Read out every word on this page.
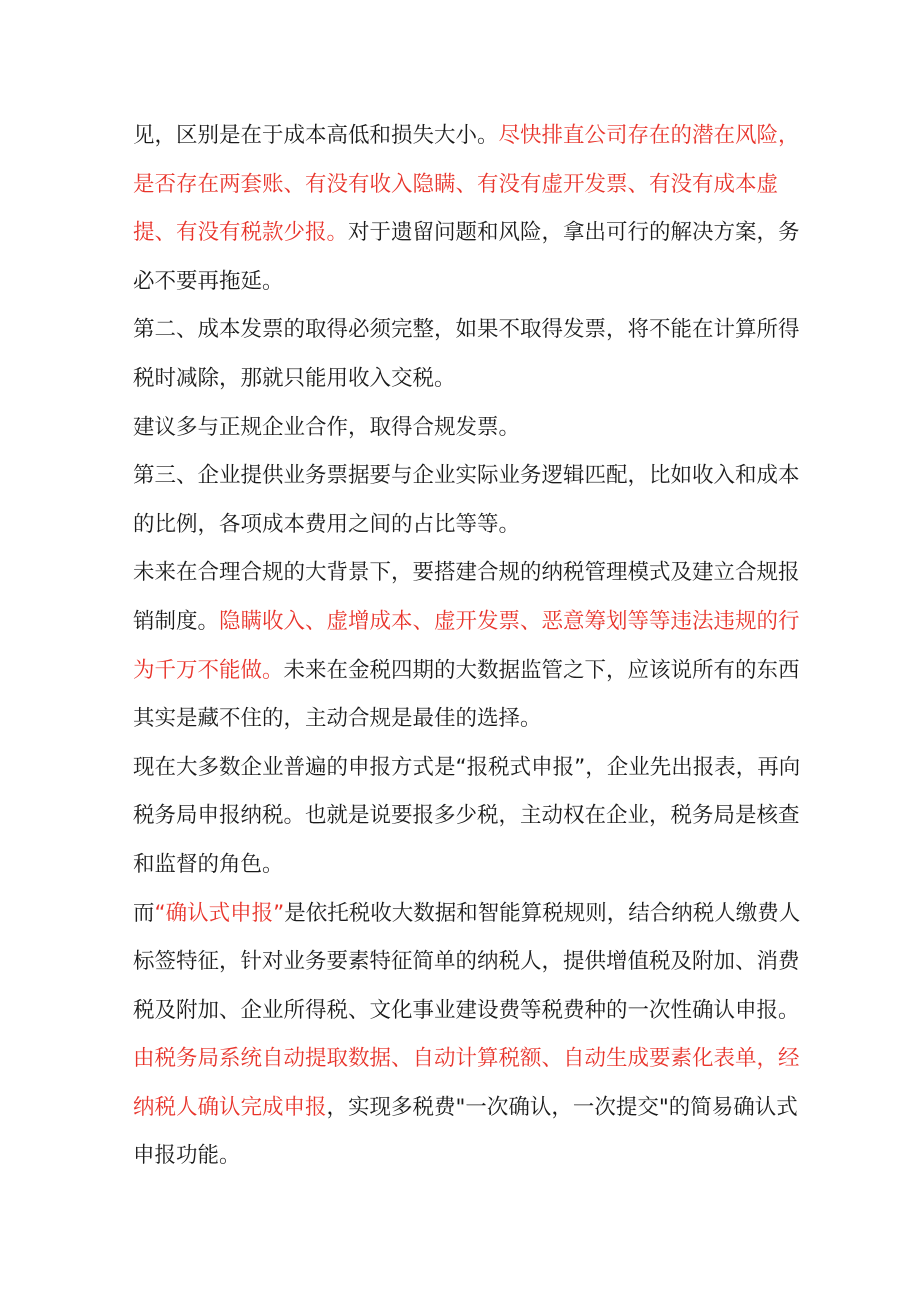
见，区别是在于成本高低和损失大小。尽快排直公司存在的潜在风险，是否存在两套账、有没有收入隐瞒、有没有虚开发票、有没有成本虚提、有没有税款少报。对于遗留问题和风险，拿出可行的解决方案，务必不要再拖延。

第二、成本发票的取得必须完整，如果不取得发票，将不能在计算所得税时减除，那就只能用收入交税。

建议多与正规企业合作，取得合规发票。

第三、企业提供业务票据要与企业实际业务逻辑匹配，比如收入和成本的比例，各项成本费用之间的占比等等。

未来在合理合规的大背景下，要搭建合规的纳税管理模式及建立合规报销制度。隐瞒收入、虚增成本、虚开发票、恶意筹划等等违法违规的行为千万不能做。未来在金税四期的大数据监管之下，应该说所有的东西其实是藏不住的，主动合规是最佳的选择。

现在大多数企业普遍的申报方式是“报税式申报”，企业先出报表，再向税务局申报纳税。也就是说要报多少税，主动权在企业，税务局是核查和监督的角色。

而“确认式申报”是依托税收大数据和智能算税规则，结合纳税人缴费人标签特征，针对业务要素特征简单的纳税人，提供增值税及附加、消费税及附加、企业所得税、文化事业建设费等税费种的一次性确认申报。由税务局系统自动提取数据、自动计算税额、自动生成要素化表单，经纳税人确认完成申报，实现多税费"一次确认，一次提交"的简易确认式申报功能。
